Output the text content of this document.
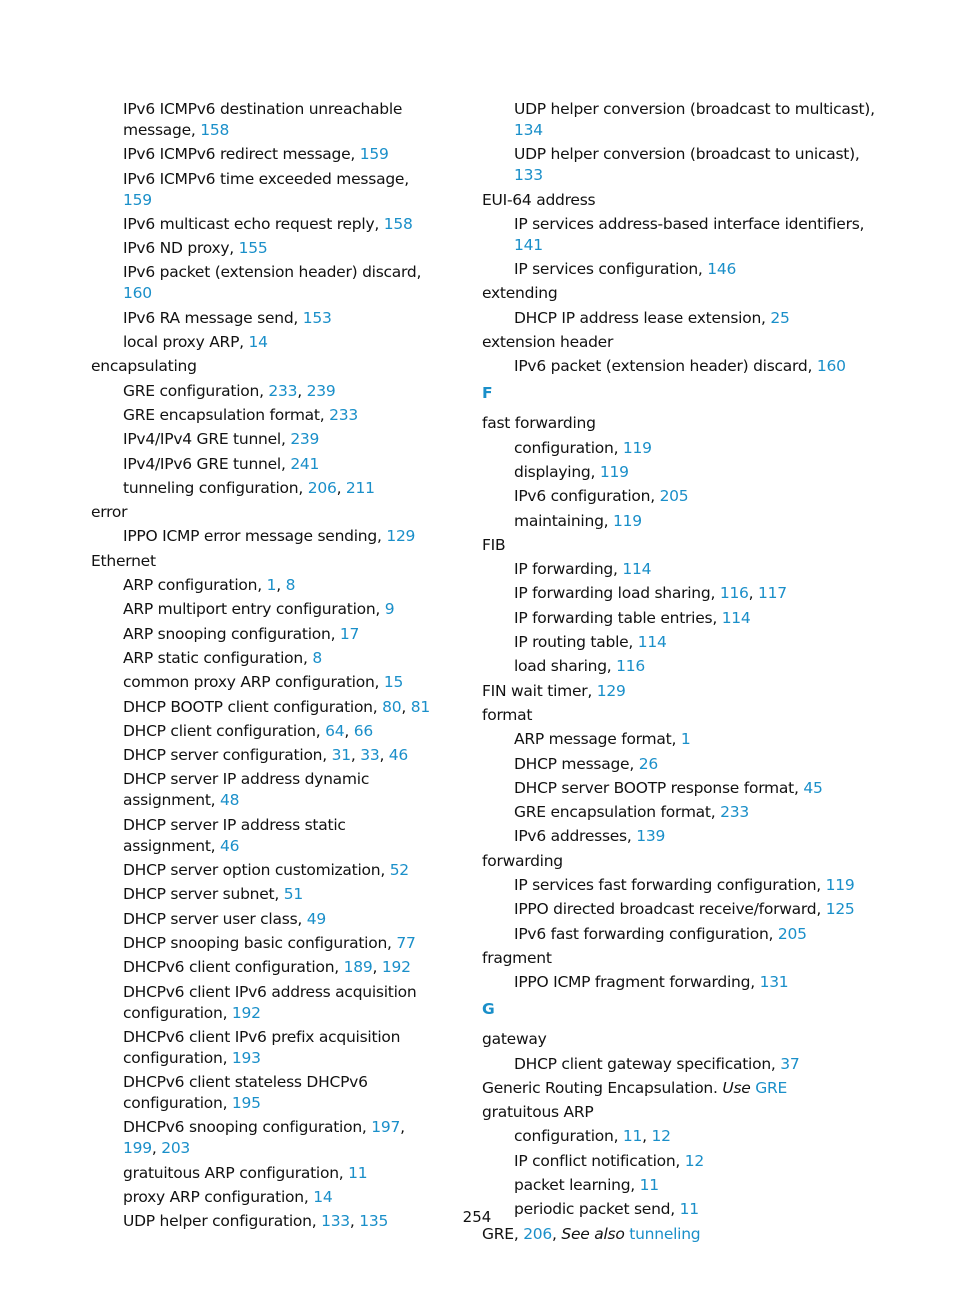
IPv6 ICMPv6 destination unreachable message, 158
IPv6 ICMPv6 redirect message, 159
IPv6 ICMPv6 time exceeded message, 159
IPv6 multicast echo request reply, 158
IPv6 ND proxy, 155
IPv6 packet (extension header) discard, 160
IPv6 RA message send, 153
local proxy ARP, 14
encapsulating
GRE configuration, 233, 239
GRE encapsulation format, 233
IPv4/IPv4 GRE tunnel, 239
IPv4/IPv6 GRE tunnel, 241
tunneling configuration, 206, 211
error
IPPO ICMP error message sending, 129
Ethernet
ARP configuration, 1, 8
ARP multiport entry configuration, 9
ARP snooping configuration, 17
ARP static configuration, 8
common proxy ARP configuration, 15
DHCP BOOTP client configuration, 80, 81
DHCP client configuration, 64, 66
DHCP server configuration, 31, 33, 46
DHCP server IP address dynamic assignment, 48
DHCP server IP address static assignment, 46
DHCP server option customization, 52
DHCP server subnet, 51
DHCP server user class, 49
DHCP snooping basic configuration, 77
DHCPv6 client configuration, 189, 192
DHCPv6 client IPv6 address acquisition configuration, 192
DHCPv6 client IPv6 prefix acquisition configuration, 193
DHCPv6 client stateless DHCPv6 configuration, 195
DHCPv6 snooping configuration, 197, 199, 203
gratuitous ARP configuration, 11
proxy ARP configuration, 14
UDP helper configuration, 133, 135
UDP helper conversion (broadcast to multicast), 134
UDP helper conversion (broadcast to unicast), 133
EUI-64 address
IP services address-based interface identifiers, 141
IP services configuration, 146
extending
DHCP IP address lease extension, 25
extension header
IPv6 packet (extension header) discard, 160
F
fast forwarding
configuration, 119
displaying, 119
IPv6 configuration, 205
maintaining, 119
FIB
IP forwarding, 114
IP forwarding load sharing, 116, 117
IP forwarding table entries, 114
IP routing table, 114
load sharing, 116
FIN wait timer, 129
format
ARP message format, 1
DHCP message, 26
DHCP server BOOTP response format, 45
GRE encapsulation format, 233
IPv6 addresses, 139
forwarding
IP services fast forwarding configuration, 119
IPPO directed broadcast receive/forward, 125
IPv6 fast forwarding configuration, 205
fragment
IPPO ICMP fragment forwarding, 131
G
gateway
DHCP client gateway specification, 37
Generic Routing Encapsulation. Use GRE
gratuitous ARP
configuration, 11, 12
IP conflict notification, 12
packet learning, 11
periodic packet send, 11
GRE, 206, See also tunneling
254
